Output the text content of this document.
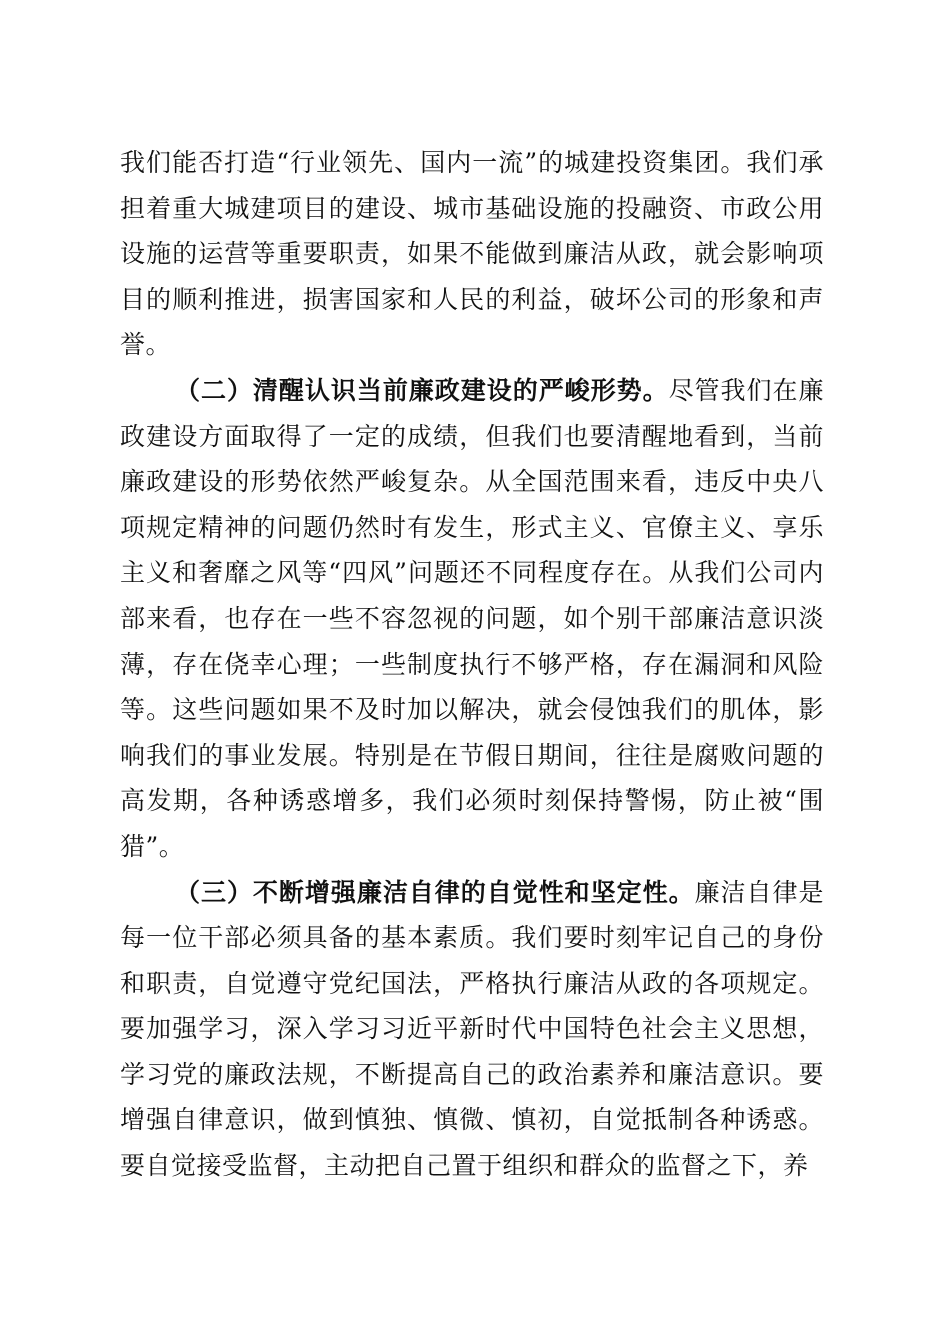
我们能否打造“行业领先、国内一流”的城建投资集团。我们承担着重大城建项目的建设、城市基础设施的投融资、市政公用设施的运营等重要职责，如果不能做到廉洁从政，就会影响项目的顺利推进，损害国家和人民的利益，破坏公司的形象和声誉。

（二）清醒认识当前廉政建设的严峻形势。尽管我们在廉政建设方面取得了一定的成绩，但我们也要清醒地看到，当前廉政建设的形势依然严峻复杂。从全国范围来看，违反中央八项规定精神的问题仍然时有发生，形式主义、官僚主义、享乐主义和奢靡之风等“四风”问题还不同程度存在。从我们公司内部来看，也存在一些不容忽视的问题，如个别干部廉洁意识淡薄，存在侥幸心理；一些制度执行不够严格，存在漏洞和风险等。这些问题如果不及时加以解决，就会侵蚀我们的肌体，影响我们的事业发展。特别是在节假日期间，往往是腐败问题的高发期，各种诱惑增多，我们必须时刻保持警惕，防止被“围猎”。

（三）不断增强廉洁自律的自觉性和坚定性。廉洁自律是每一位干部必须具备的基本素质。我们要时刻牢记自己的身份和职责，自觉遵守党纪国法，严格执行廉洁从政的各项规定。要加强学习，深入学习习近平新时代中国特色社会主义思想，学习党的廉政法规，不断提高自己的政治素养和廉洁意识。要增强自律意识，做到慎独、慎微、慎初，自觉抵制各种诱惑。要自觉接受监督，主动把自己置于组织和群众的监督之下，养
